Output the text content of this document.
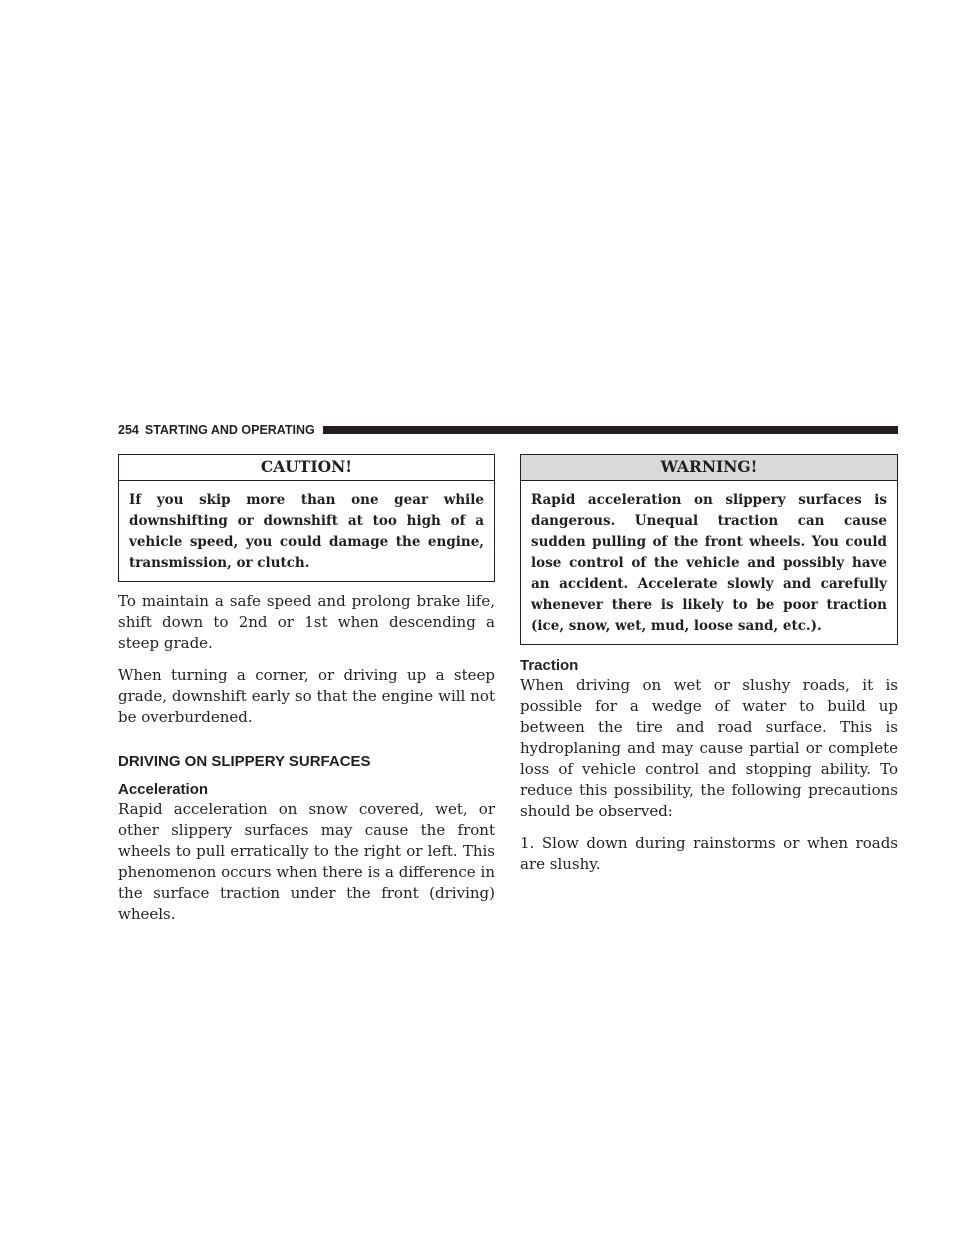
254 STARTING AND OPERATING
CAUTION!
If you skip more than one gear while downshifting or downshift at too high of a vehicle speed, you could damage the engine, transmission, or clutch.

To maintain a safe speed and prolong brake life, shift down to 2nd or 1st when descending a steep grade.

When turning a corner, or driving up a steep grade, downshift early so that the engine will not be overburdened.

DRIVING ON SLIPPERY SURFACES
Acceleration

Rapid acceleration on snow covered, wet, or other slippery surfaces may cause the front wheels to pull erratically to the right or left. This phenomenon occurs when there is a difference in the surface traction under the front (driving) wheels.

WARNING!
Rapid acceleration on slippery surfaces is dangerous. Unequal traction can cause sudden pulling of the front wheels. You could lose control of the vehicle and possibly have an accident. Accelerate slowly and carefully whenever there is likely to be poor traction (ice, snow, wet, mud, loose sand, etc.).
Traction

When driving on wet or slushy roads, it is possible for a wedge of water to build up between the tire and road surface. This is hydroplaning and may cause partial or complete loss of vehicle control and stopping ability. To reduce this possibility, the following precautions should be observed:

1. Slow down during rainstorms or when roads are slushy.
